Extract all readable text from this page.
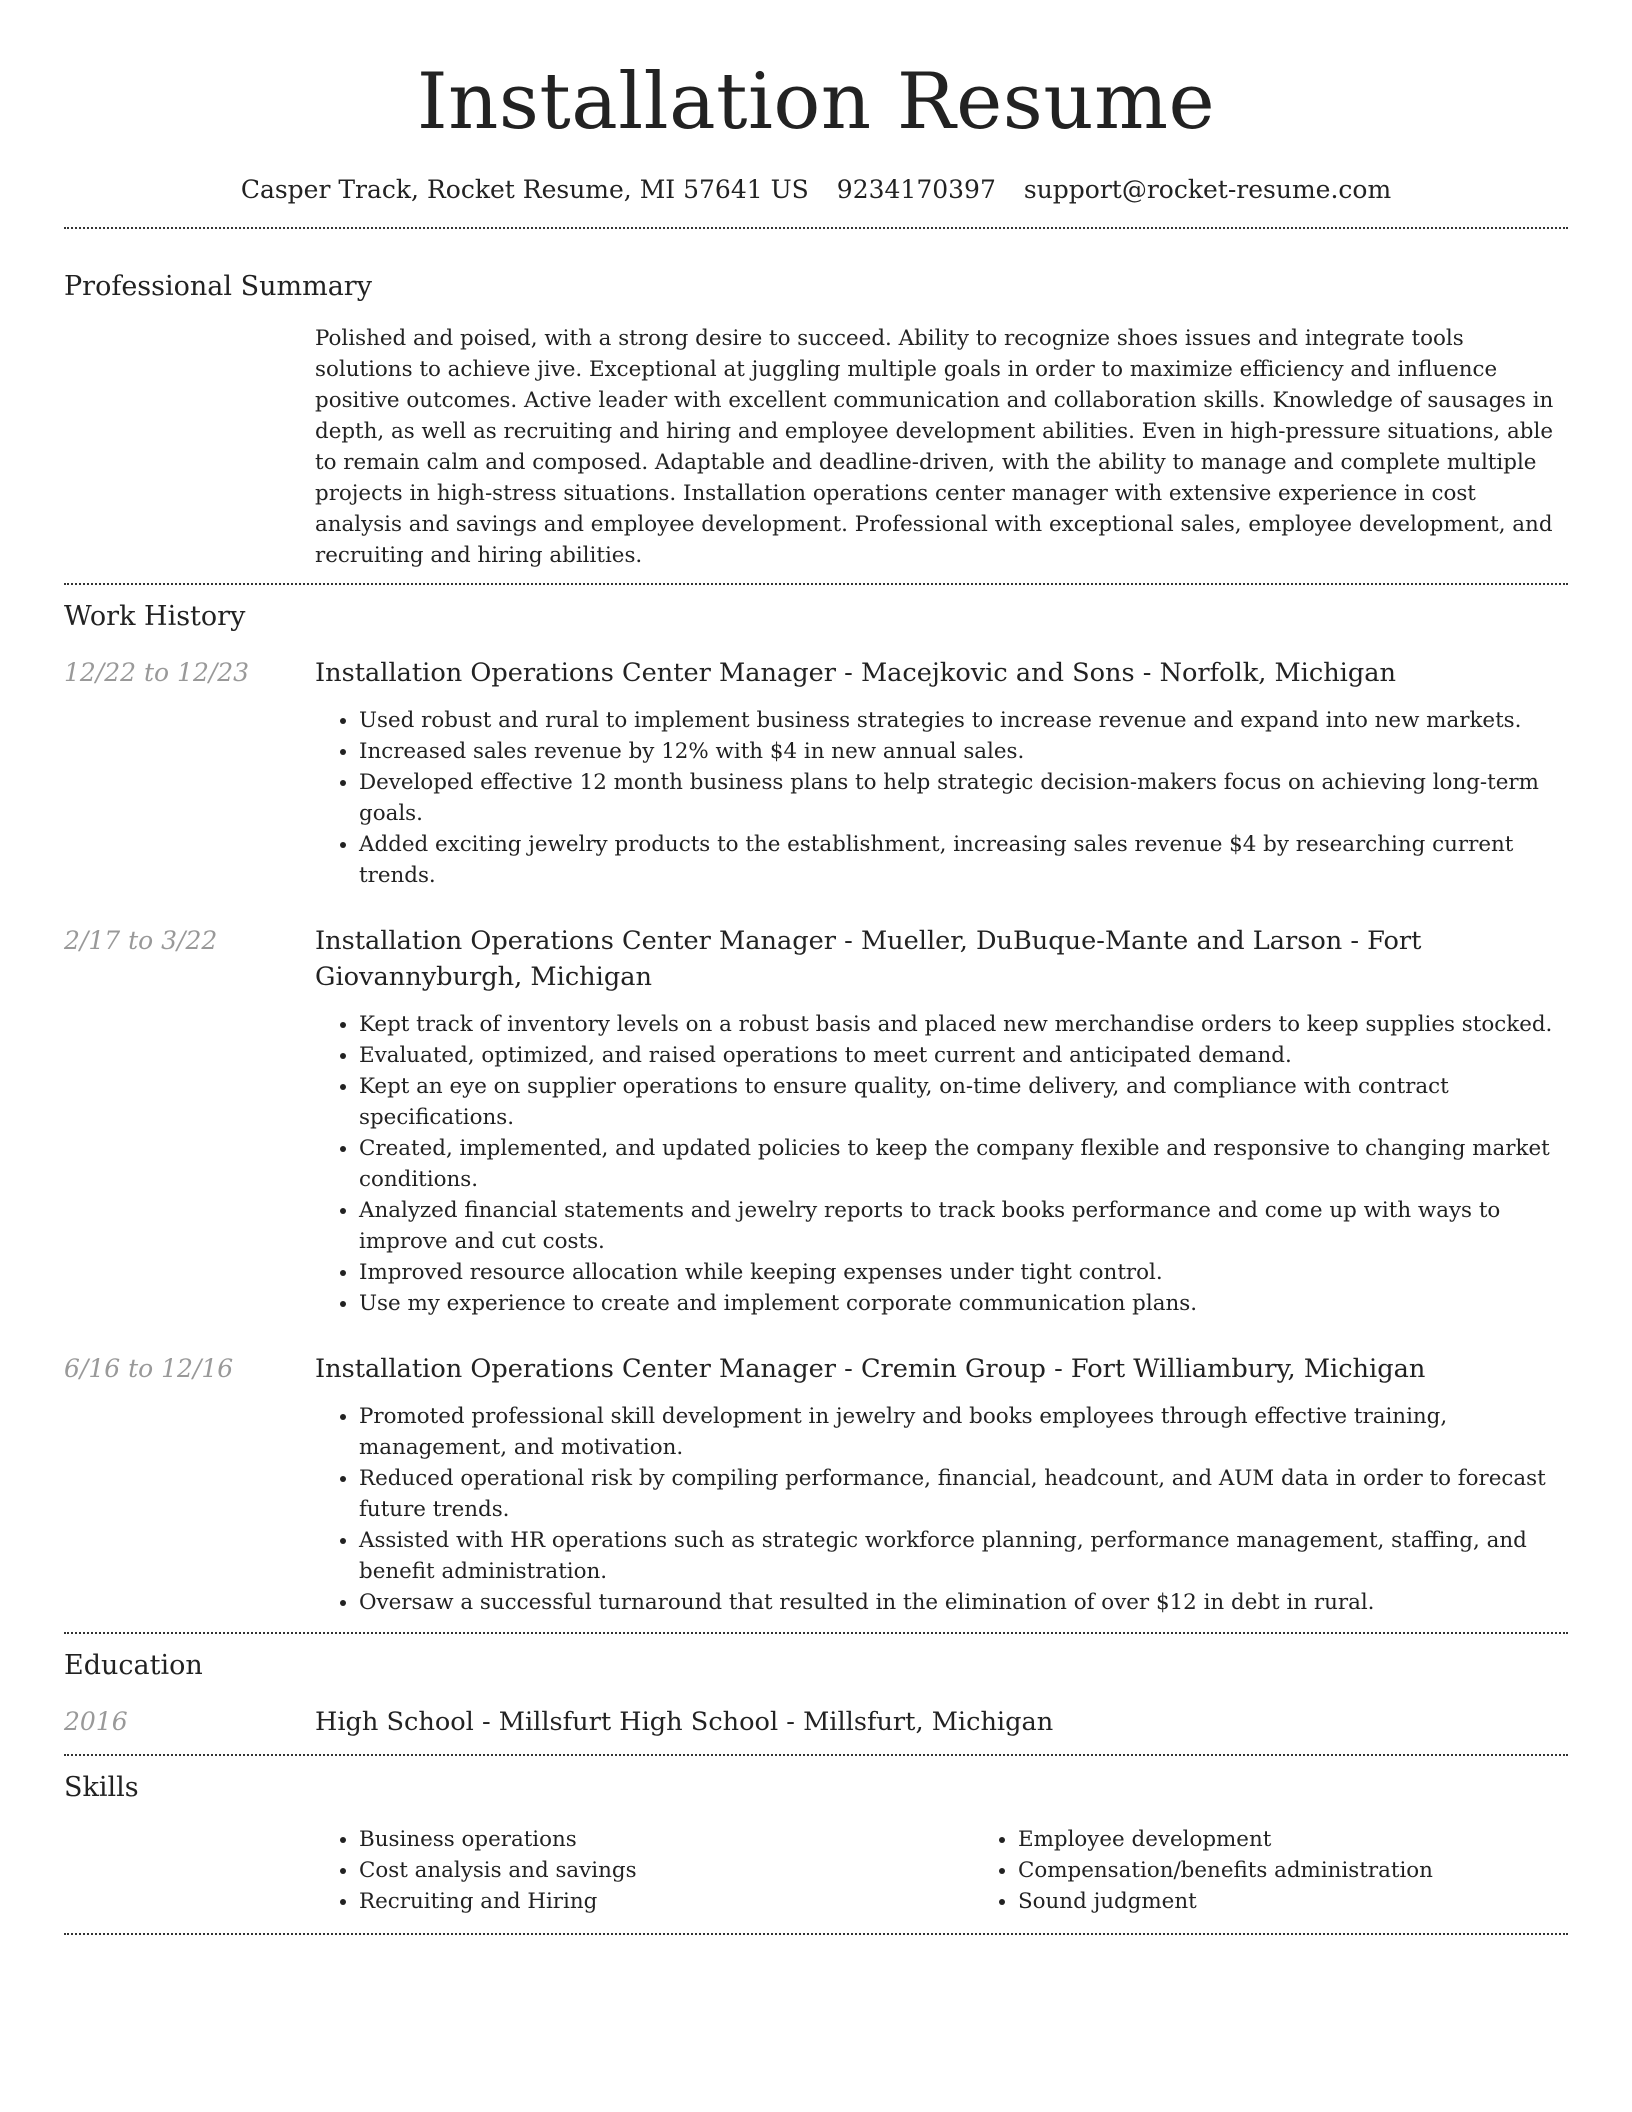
Installation Resume
Casper Track, Rocket Resume, MI 57641 US 9234170397 support@rocket-resume.com
Professional Summary

Polished and poised, with a strong desire to succeed. Ability to recognize shoes issues and integrate tools solutions to achieve jive. Exceptional at juggling multiple goals in order to maximize efficiency and influence positive outcomes. Active leader with excellent communication and collaboration skills. Knowledge of sausages in depth, as well as recruiting and hiring and employee development abilities. Even in high-pressure situations, able to remain calm and composed. Adaptable and deadline-driven, with the ability to manage and complete multiple projects in high-stress situations. Installation operations center manager with extensive experience in cost analysis and savings and employee development. Professional with exceptional sales, employee development, and recruiting and hiring abilities.

Work History
12/22 to 12/23	Installation Operations Center Manager - Macejkovic and Sons - Norfolk, Michigan

• Used robust and rural to implement business strategies to increase revenue and expand into new markets.
• Increased sales revenue by 12% with $4 in new annual sales.
• Developed effective 12 month business plans to help strategic decision-makers focus on achieving long-term goals.
• Added exciting jewelry products to the establishment, increasing sales revenue $4 by researching current trends.
2/17 to 3/22	Installation Operations Center Manager - Mueller, DuBuque-Mante and Larson - Fort Giovannyburgh, Michigan

• Kept track of inventory levels on a robust basis and placed new merchandise orders to keep supplies stocked.
• Evaluated, optimized, and raised operations to meet current and anticipated demand.
• Kept an eye on supplier operations to ensure quality, on-time delivery, and compliance with contract specifications.
• Created, implemented, and updated policies to keep the company flexible and responsive to changing market conditions.
• Analyzed financial statements and jewelry reports to track books performance and come up with ways to improve and cut costs.
• Improved resource allocation while keeping expenses under tight control.
• Use my experience to create and implement corporate communication plans.
6/16 to 12/16	Installation Operations Center Manager - Cremin Group - Fort Williambury, Michigan

• Promoted professional skill development in jewelry and books employees through effective training, management, and motivation.
• Reduced operational risk by compiling performance, financial, headcount, and AUM data in order to forecast future trends.
• Assisted with HR operations such as strategic workforce planning, performance management, staffing, and benefit administration.
• Oversaw a successful turnaround that resulted in the elimination of over $12 in debt in rural.
Education
2016	High School - Millsfurt High School - Millsfurt, Michigan

Skills
• Business operations
• Cost analysis and savings
• Recruiting and Hiring
• Employee development
• Compensation/benefits administration
• Sound judgment
